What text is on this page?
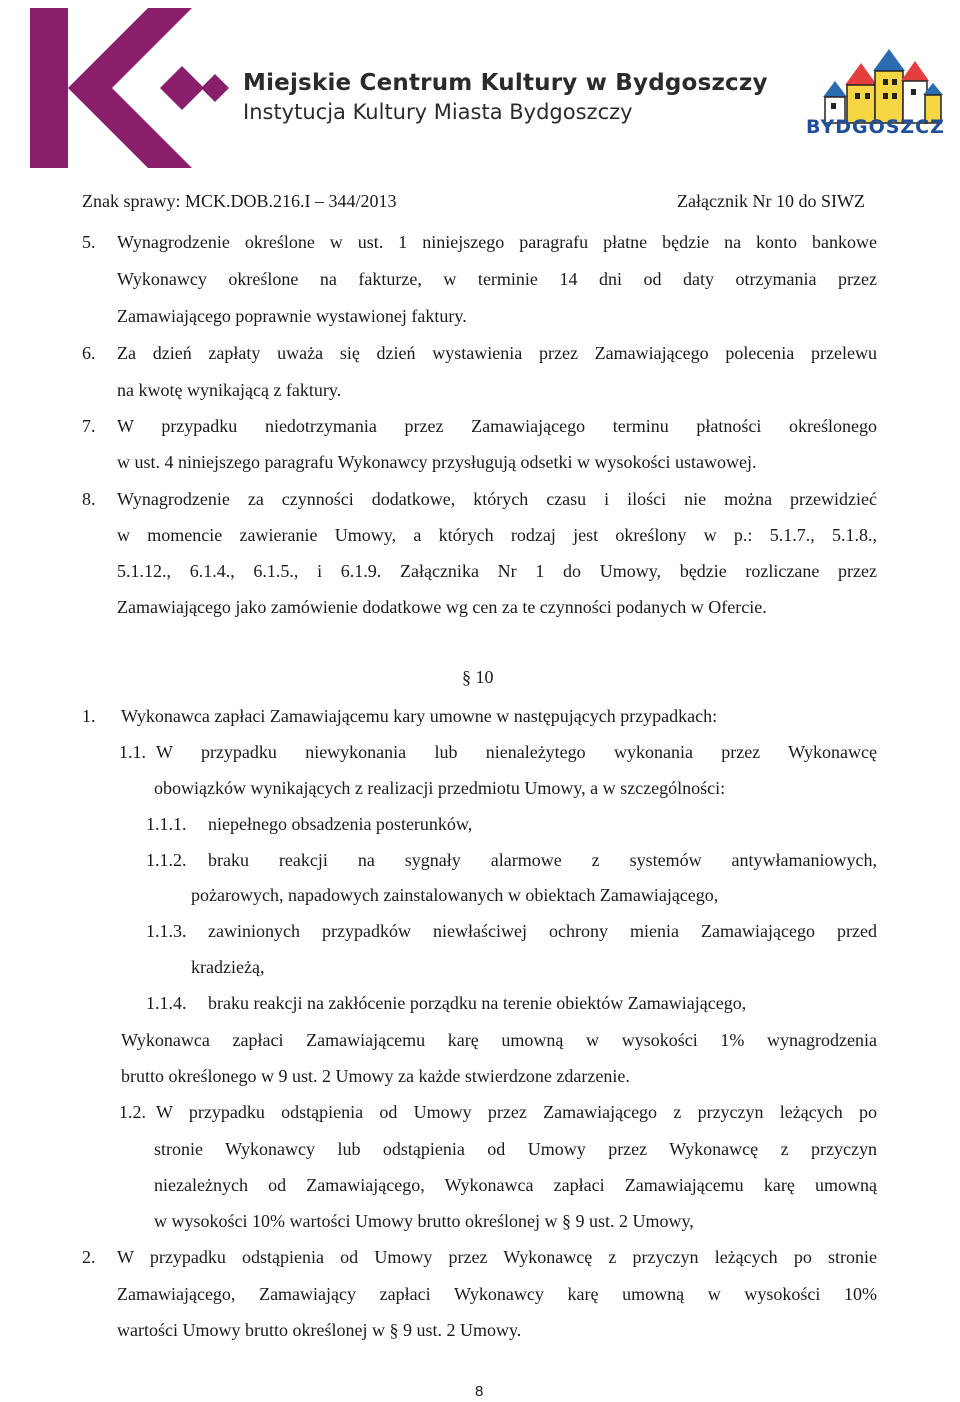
Miejskie Centrum Kultury w Bydgoszczy
Instytucja Kultury Miasta Bydgoszczy
BYDGOSZCZ
Znak sprawy: MCK.DOB.216.I – 344/2013	Załącznik Nr 10 do SIWZ
5. Wynagrodzenie określone w ust. 1 niniejszego paragrafu płatne będzie na konto bankowe
Wykonawcy określone na fakturze, w terminie 14 dni od daty otrzymania przez
Zamawiającego poprawnie wystawionej faktury.
6. Za dzień zapłaty uważa się dzień wystawienia przez Zamawiającego polecenia przelewu
na kwotę wynikającą z faktury.
7. W przypadku niedotrzymania przez Zamawiającego terminu płatności określonego
w ust. 4 niniejszego paragrafu Wykonawcy przysługują odsetki w wysokości ustawowej.
8. Wynagrodzenie za czynności dodatkowe, których czasu i ilości nie można przewidzieć
w momencie zawieranie Umowy, a których rodzaj jest określony w p.: 5.1.7., 5.1.8.,
5.1.12., 6.1.4., 6.1.5., i 6.1.9. Załącznika Nr 1 do Umowy, będzie rozliczane przez
Zamawiającego jako zamówienie dodatkowe wg cen za te czynności podanych w Ofercie.
§ 10
1. Wykonawca zapłaci Zamawiającemu kary umowne w następujących przypadkach:
1.1. W przypadku niewykonania lub nienależytego wykonania przez Wykonawcę
obowiązków wynikających z realizacji przedmiotu Umowy, a w szczególności:
1.1.1. niepełnego obsadzenia posterunków,
1.1.2. braku reakcji na sygnały alarmowe z systemów antywłamaniowych,
pożarowych, napadowych zainstalowanych w obiektach Zamawiającego,
1.1.3. zawinionych przypadków niewłaściwej ochrony mienia Zamawiającego przed
kradzieżą,
1.1.4. braku reakcji na zakłócenie porządku na terenie obiektów Zamawiającego,
Wykonawca zapłaci Zamawiającemu karę umowną w wysokości 1% wynagrodzenia
brutto określonego w 9 ust. 2 Umowy za każde stwierdzone zdarzenie.
1.2. W przypadku odstąpienia od Umowy przez Zamawiającego z przyczyn leżących po
stronie Wykonawcy lub odstąpienia od Umowy przez Wykonawcę z przyczyn
niezależnych od Zamawiającego, Wykonawca zapłaci Zamawiającemu karę umowną
w wysokości 10% wartości Umowy brutto określonej w § 9 ust. 2 Umowy,
2. W przypadku odstąpienia od Umowy przez Wykonawcę z przyczyn leżących po stronie
Zamawiającego, Zamawiający zapłaci Wykonawcy karę umowną w wysokości 10%
wartości Umowy brutto określonej w § 9 ust. 2 Umowy.
8
